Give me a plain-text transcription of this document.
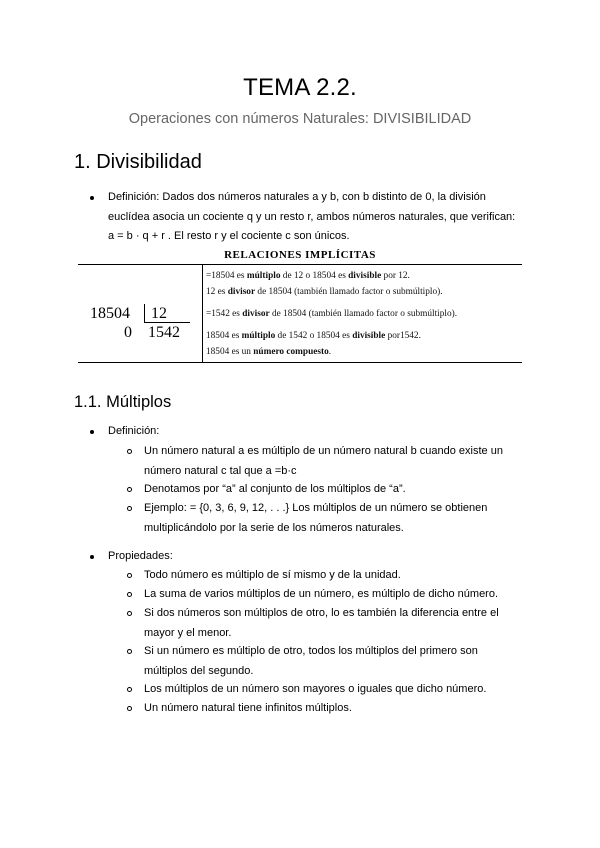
TEMA 2.2.
Operaciones con números Naturales: DIVISIBILIDAD
1. Divisibilidad
Definición: Dados dos números naturales a y b, con b distinto de 0, la división
euclídea asocia un cociente q y un resto r, ambos números naturales, que verifican:
a = b · q + r . El resto r y el cociente c son únicos.
RELACIONES IMPLÍCITAS
18504 12
0 1542
=18504 es múltiplo de 12 o 18504 es divisible por 12.
12 es divisor de 18504 (también llamado factor o submúltiplo).
=1542 es divisor de 18504 (también llamado factor o submúltiplo).
18504 es múltiplo de 1542 o 18504 es divisible por1542.
18504 es un número compuesto.
1.1. Múltiplos
Definición:
Un número natural a es múltiplo de un número natural b cuando existe un
número natural c tal que a =b·c
Denotamos por “a” al conjunto de los múltiplos de “a”.
Ejemplo: = {0, 3, 6, 9, 12, . . .} Los múltiplos de un número se obtienen
multiplicándolo por la serie de los números naturales.
Propiedades:
Todo número es múltiplo de sí mismo y de la unidad.
La suma de varios múltiplos de un número, es múltiplo de dicho número.
Si dos números son múltiplos de otro, lo es también la diferencia entre el
mayor y el menor.
Si un número es múltiplo de otro, todos los múltiplos del primero son
múltiplos del segundo.
Los múltiplos de un número son mayores o iguales que dicho número.
Un número natural tiene infinitos múltiplos.
